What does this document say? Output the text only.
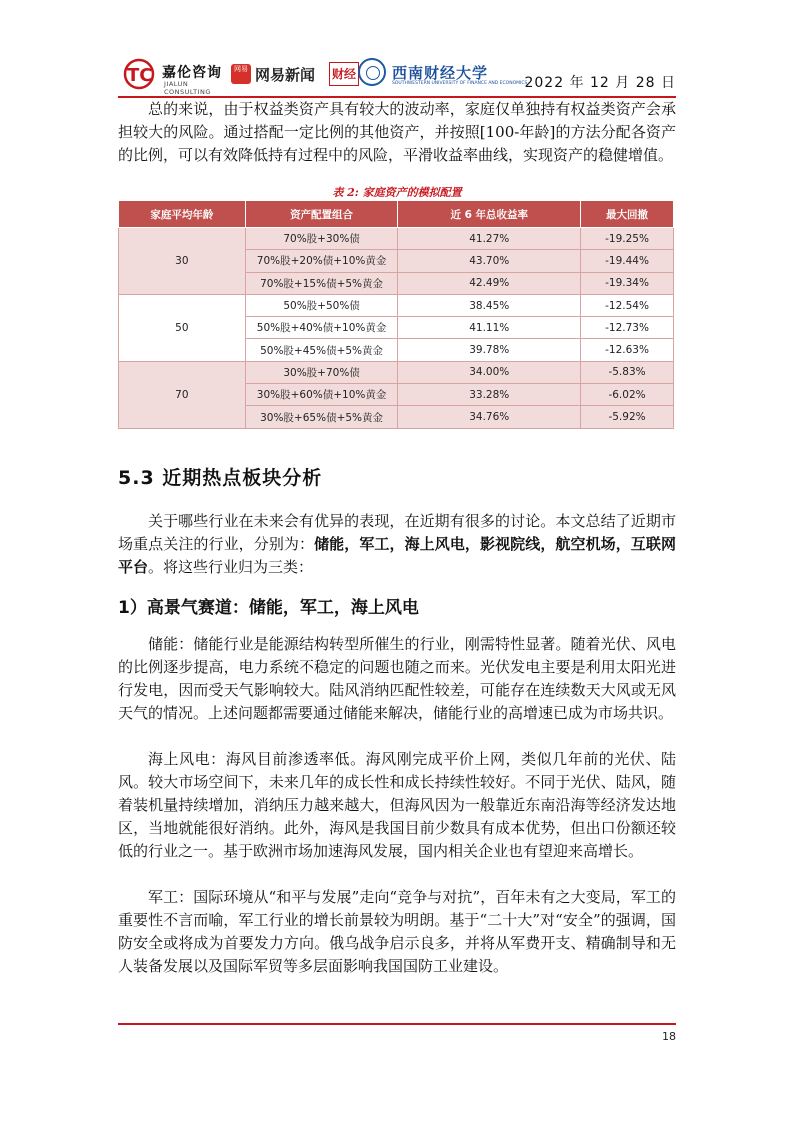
TC 嘉伦咨询
JIALUN CONSULTING
网易 网易新闻 财经 西南财经大学
SOUTHWESTERN UNIVERSITY OF FINANCE AND ECONOMICS
2022 年 12 月 28 日

总的来说，由于权益类资产具有较大的波动率，家庭仅单独持有权益类资产会承担较大的风险。通过搭配一定比例的其他资产，并按照[100-年龄]的方法分配各资产的比例，可以有效降低持有过程中的风险，平滑收益率曲线，实现资产的稳健增值。

表 2: 家庭资产的模拟配置
家庭平均年龄	资产配置组合	近 6 年总收益率	最大回撤
30	70%股+30%债	41.27%	-19.25%
	70%股+20%债+10%黄金	43.70%	-19.44%
	70%股+15%债+5%黄金	42.49%	-19.34%
50	50%股+50%债	38.45%	-12.54%
	50%股+40%债+10%黄金	41.11%	-12.73%
	50%股+45%债+5%黄金	39.78%	-12.63%
70	30%股+70%债	34.00%	-5.83%
	30%股+60%债+10%黄金	33.28%	-6.02%
	30%股+65%债+5%黄金	34.76%	-5.92%
5.3 近期热点板块分析

关于哪些行业在未来会有优异的表现，在近期有很多的讨论。本文总结了近期市场重点关注的行业，分别为：储能，军工，海上风电，影视院线，航空机场，互联网平台。将这些行业归为三类：

1）高景气赛道：储能，军工，海上风电

储能：储能行业是能源结构转型所催生的行业，刚需特性显著。随着光伏、风电的比例逐步提高，电力系统不稳定的问题也随之而来。光伏发电主要是利用太阳光进行发电，因而受天气影响较大。陆风消纳匹配性较差，可能存在连续数天大风或无风天气的情况。上述问题都需要通过储能来解决，储能行业的高增速已成为市场共识。

海上风电：海风目前渗透率低。海风刚完成平价上网，类似几年前的光伏、陆风。较大市场空间下，未来几年的成长性和成长持续性较好。不同于光伏、陆风，随着装机量持续增加，消纳压力越来越大，但海风因为一般靠近东南沿海等经济发达地区，当地就能很好消纳。此外，海风是我国目前少数具有成本优势，但出口份额还较低的行业之一。基于欧洲市场加速海风发展，国内相关企业也有望迎来高增长。

军工：国际环境从“和平与发展”走向“竞争与对抗”，百年未有之大变局，军工的重要性不言而喻，军工行业的增长前景较为明朗。基于“二十大”对“安全”的强调，国防安全或将成为首要发力方向。俄乌战争启示良多，并将从军费开支、精确制导和无人装备发展以及国际军贸等多层面影响我国国防工业建设。

18
